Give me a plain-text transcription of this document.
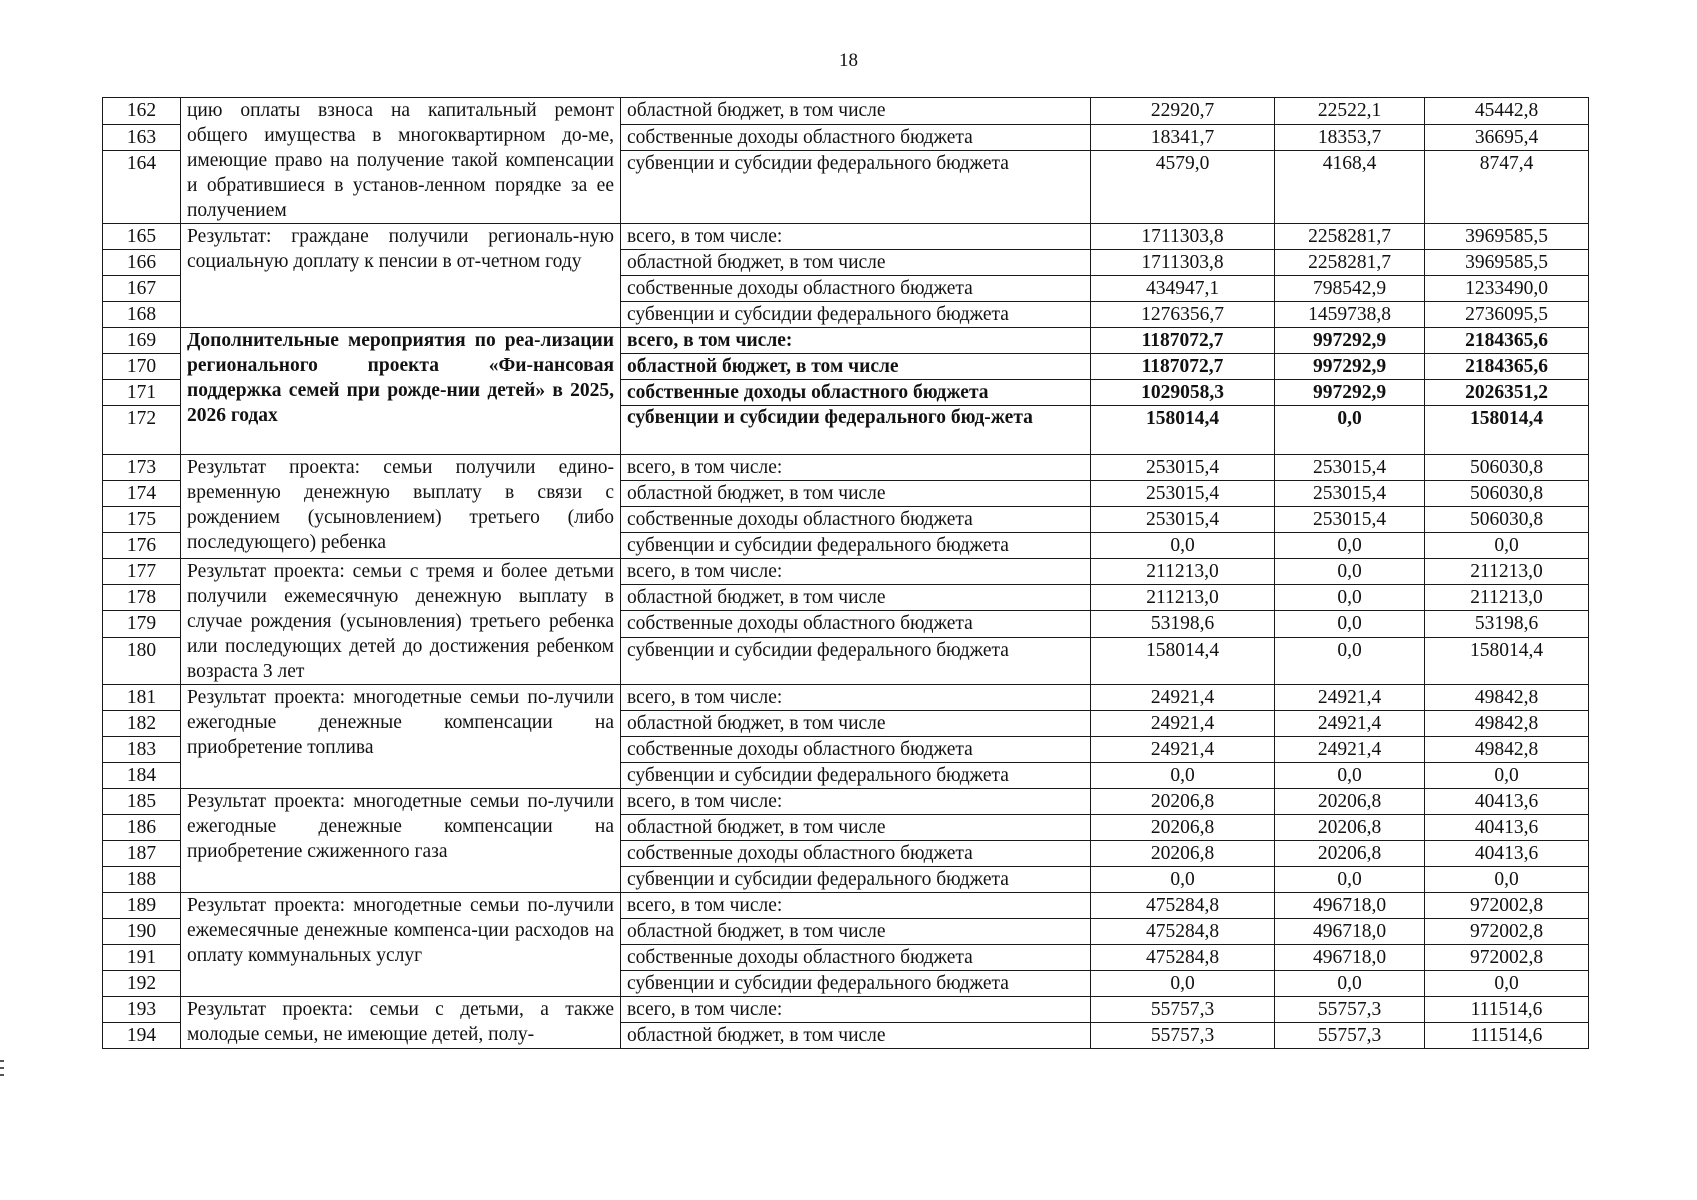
18
162	цию оплаты взноса на капитальный ремонт общего имущества в многоквартирном до-ме, имеющие право на получение такой компенсации и обратившиеся в установ-ленном порядке за ее получением	областной бюджет, в том числе	22920,7	22522,1	45442,8
163		собственные доходы областного бюджета	18341,7	18353,7	36695,4
164		субвенции и субсидии федерального бюджета	4579,0	4168,4	8747,4
165	Результат: граждане получили региональ-ную социальную доплату к пенсии в от-четном году	всего, в том числе:	1711303,8	2258281,7	3969585,5
166		областной бюджет, в том числе	1711303,8	2258281,7	3969585,5
167		собственные доходы областного бюджета	434947,1	798542,9	1233490,0
168		субвенции и субсидии федерального бюджета	1276356,7	1459738,8	2736095,5
169	Дополнительные мероприятия по реа-лизации регионального проекта «Фи-нансовая поддержка семей при рожде-нии детей» в 2025, 2026 годах	всего, в том числе:	1187072,7	997292,9	2184365,6
170		областной бюджет, в том числе	1187072,7	997292,9	2184365,6
171		собственные доходы областного бюджета	1029058,3	997292,9	2026351,2
172		субвенции и субсидии федерального бюд-жета	158014,4	0,0	158014,4
173	Результат проекта: семьи получили едино-временную денежную выплату в связи с рождением (усыновлением) третьего (либо последующего) ребенка	всего, в том числе:	253015,4	253015,4	506030,8
174		областной бюджет, в том числе	253015,4	253015,4	506030,8
175		собственные доходы областного бюджета	253015,4	253015,4	506030,8
176		субвенции и субсидии федерального бюджета	0,0	0,0	0,0
177	Результат проекта: семьи с тремя и более детьми получили ежемесячную денежную выплату в случае рождения (усыновления) третьего ребенка или последующих детей до достижения ребенком возраста 3 лет	всего, в том числе:	211213,0	0,0	211213,0
178		областной бюджет, в том числе	211213,0	0,0	211213,0
179		собственные доходы областного бюджета	53198,6	0,0	53198,6
180		субвенции и субсидии федерального бюджета	158014,4	0,0	158014,4
181	Результат проекта: многодетные семьи по-лучили ежегодные денежные компенсации на приобретение топлива	всего, в том числе:	24921,4	24921,4	49842,8
182		областной бюджет, в том числе	24921,4	24921,4	49842,8
183		собственные доходы областного бюджета	24921,4	24921,4	49842,8
184		субвенции и субсидии федерального бюджета	0,0	0,0	0,0
185	Результат проекта: многодетные семьи по-лучили ежегодные денежные компенсации на приобретение сжиженного газа	всего, в том числе:	20206,8	20206,8	40413,6
186		областной бюджет, в том числе	20206,8	20206,8	40413,6
187		собственные доходы областного бюджета	20206,8	20206,8	40413,6
188		субвенции и субсидии федерального бюджета	0,0	0,0	0,0
189	Результат проекта: многодетные семьи по-лучили ежемесячные денежные компенса-ции расходов на оплату коммунальных услуг	всего, в том числе:	475284,8	496718,0	972002,8
190		областной бюджет, в том числе	475284,8	496718,0	972002,8
191		собственные доходы областного бюджета	475284,8	496718,0	972002,8
192		субвенции и субсидии федерального бюджета	0,0	0,0	0,0
193	Результат проекта: семьи с детьми, а также молодые семьи, не имеющие детей, полу-	всего, в том числе:	55757,3	55757,3	111514,6
194		областной бюджет, в том числе	55757,3	55757,3	111514,6
